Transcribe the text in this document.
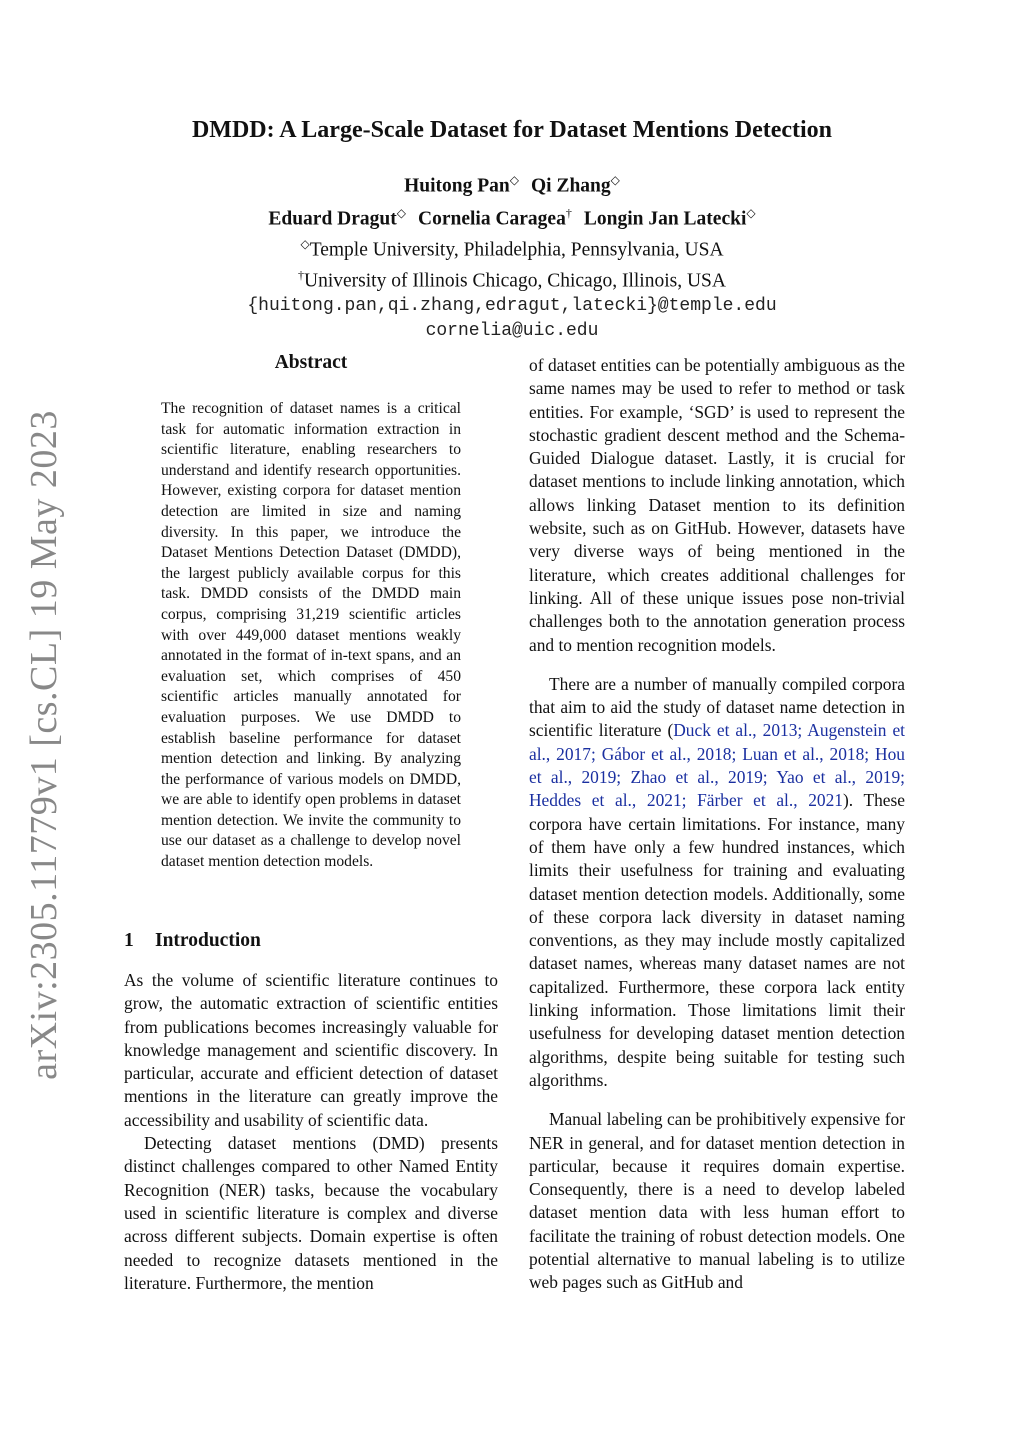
arXiv:2305.11779v1 [cs.CL] 19 May 2023
DMDD: A Large-Scale Dataset for Dataset Mentions Detection
Huitong Pan◇ Qi Zhang◇
Eduard Dragut◇ Cornelia Caragea† Longin Jan Latecki◇
◇Temple University, Philadelphia, Pennsylvania, USA
†University of Illinois Chicago, Chicago, Illinois, USA
{huitong.pan,qi.zhang,edragut,latecki}@temple.edu
cornelia@uic.edu
Abstract
The recognition of dataset names is a critical task for automatic information extraction in scientific literature, enabling researchers to understand and identify research opportunities. However, existing corpora for dataset mention detection are limited in size and naming diversity. In this paper, we introduce the Dataset Mentions Detection Dataset (DMDD), the largest publicly available corpus for this task. DMDD consists of the DMDD main corpus, comprising 31,219 scientific articles with over 449,000 dataset mentions weakly annotated in the format of in-text spans, and an evaluation set, which comprises of 450 scientific articles manually annotated for evaluation purposes. We use DMDD to establish baseline performance for dataset mention detection and linking. By analyzing the performance of various models on DMDD, we are able to identify open problems in dataset mention detection. We invite the community to use our dataset as a challenge to develop novel dataset mention detection models.
1 Introduction

As the volume of scientific literature continues to grow, the automatic extraction of scientific entities from publications becomes increasingly valuable for knowledge management and scientific discovery. In particular, accurate and efficient detection of dataset mentions in the literature can greatly improve the accessibility and usability of scientific data.

Detecting dataset mentions (DMD) presents distinct challenges compared to other Named Entity Recognition (NER) tasks, because the vocabulary used in scientific literature is complex and diverse across different subjects. Domain expertise is often needed to recognize datasets mentioned in the literature. Furthermore, the mention

of dataset entities can be potentially ambiguous as the same names may be used to refer to method or task entities. For example, ‘SGD’ is used to represent the stochastic gradient descent method and the Schema-Guided Dialogue dataset. Lastly, it is crucial for dataset mentions to include linking annotation, which allows linking Dataset mention to its definition website, such as on GitHub. However, datasets have very diverse ways of being mentioned in the literature, which creates additional challenges for linking. All of these unique issues pose non-trivial challenges both to the annotation generation process and to mention recognition models.

There are a number of manually compiled corpora that aim to aid the study of dataset name detection in scientific literature (Duck et al., 2013; Augenstein et al., 2017; Gábor et al., 2018; Luan et al., 2018; Hou et al., 2019; Zhao et al., 2019; Yao et al., 2019; Heddes et al., 2021; Färber et al., 2021). These corpora have certain limitations. For instance, many of them have only a few hundred instances, which limits their usefulness for training and evaluating dataset mention detection models. Additionally, some of these corpora lack diversity in dataset naming conventions, as they may include mostly capitalized dataset names, whereas many dataset names are not capitalized. Furthermore, these corpora lack entity linking information. Those limitations limit their usefulness for developing dataset mention detection algorithms, despite being suitable for testing such algorithms.

Manual labeling can be prohibitively expensive for NER in general, and for dataset mention detection in particular, because it requires domain expertise. Consequently, there is a need to develop labeled dataset mention data with less human effort to facilitate the training of robust detection models. One potential alternative to manual labeling is to utilize web pages such as GitHub and
